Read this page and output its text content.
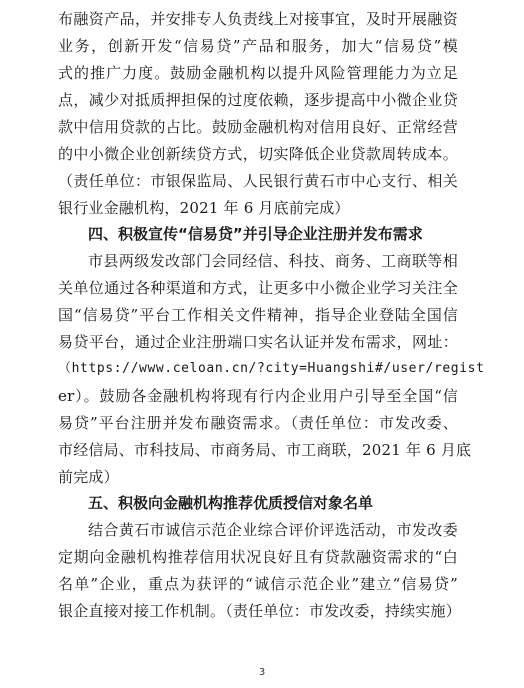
布融资产品，并安排专人负责线上对接事宜，及时开展融资
业务，创新开发“信易贷”产品和服务，加大“信易贷”模
式的推广力度。鼓励金融机构以提升风险管理能力为立足
点，减少对抵质押担保的过度依赖，逐步提高中小微企业贷
款中信用贷款的占比。鼓励金融机构对信用良好、正常经营
的中小微企业创新续贷方式，切实降低企业贷款周转成本。
（责任单位：市银保监局、人民银行黄石市中心支行、相关
银行业金融机构，2021 年 6 月底前完成）
四、积极宣传“信易贷”并引导企业注册并发布需求
市县两级发改部门会同经信、科技、商务、工商联等相
关单位通过各种渠道和方式，让更多中小微企业学习关注全
国“信易贷”平台工作相关文件精神，指导企业登陆全国信
易贷平台，通过企业注册端口实名认证并发布需求，网址：
（https://www.celoan.cn/?city=Huangshi#/user/regist
er）。鼓励各金融机构将现有行内企业用户引导至全国“信
易贷”平台注册并发布融资需求。（责任单位：市发改委、
市经信局、市科技局、市商务局、市工商联，2021 年 6 月底
前完成）
五、积极向金融机构推荐优质授信对象名单
结合黄石市诚信示范企业综合评价评选活动，市发改委
定期向金融机构推荐信用状况良好且有贷款融资需求的“白
名单”企业，重点为获评的“诚信示范企业”建立“信易贷”
银企直接对接工作机制。（责任单位：市发改委，持续实施）
3
